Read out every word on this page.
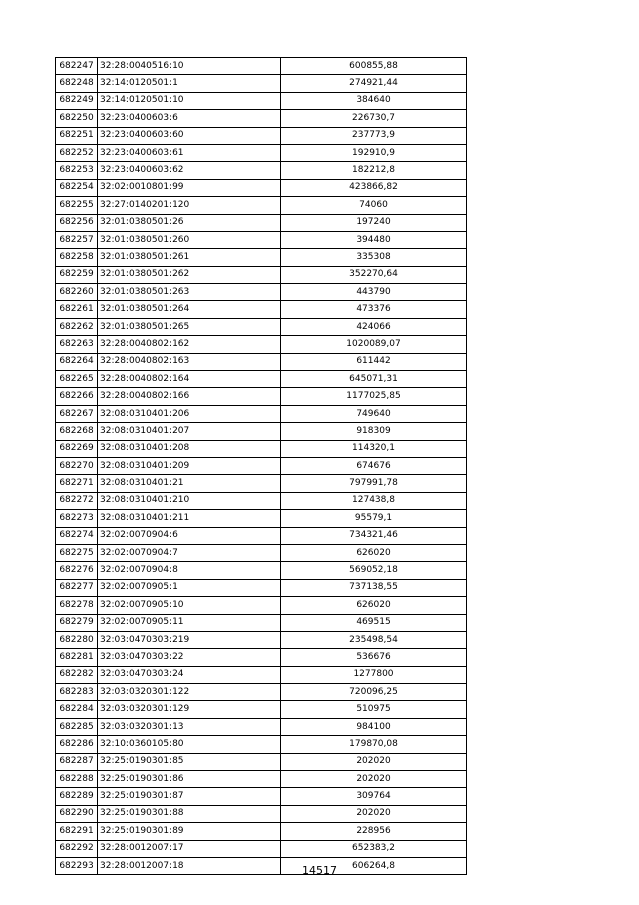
682247	32:28:0040516:10	600855,88
682248	32:14:0120501:1	274921,44
682249	32:14:0120501:10	384640
682250	32:23:0400603:6	226730,7
682251	32:23:0400603:60	237773,9
682252	32:23:0400603:61	192910,9
682253	32:23:0400603:62	182212,8
682254	32:02:0010801:99	423866,82
682255	32:27:0140201:120	74060
682256	32:01:0380501:26	197240
682257	32:01:0380501:260	394480
682258	32:01:0380501:261	335308
682259	32:01:0380501:262	352270,64
682260	32:01:0380501:263	443790
682261	32:01:0380501:264	473376
682262	32:01:0380501:265	424066
682263	32:28:0040802:162	1020089,07
682264	32:28:0040802:163	611442
682265	32:28:0040802:164	645071,31
682266	32:28:0040802:166	1177025,85
682267	32:08:0310401:206	749640
682268	32:08:0310401:207	918309
682269	32:08:0310401:208	114320,1
682270	32:08:0310401:209	674676
682271	32:08:0310401:21	797991,78
682272	32:08:0310401:210	127438,8
682273	32:08:0310401:211	95579,1
682274	32:02:0070904:6	734321,46
682275	32:02:0070904:7	626020
682276	32:02:0070904:8	569052,18
682277	32:02:0070905:1	737138,55
682278	32:02:0070905:10	626020
682279	32:02:0070905:11	469515
682280	32:03:0470303:219	235498,54
682281	32:03:0470303:22	536676
682282	32:03:0470303:24	1277800
682283	32:03:0320301:122	720096,25
682284	32:03:0320301:129	510975
682285	32:03:0320301:13	984100
682286	32:10:0360105:80	179870,08
682287	32:25:0190301:85	202020
682288	32:25:0190301:86	202020
682289	32:25:0190301:87	309764
682290	32:25:0190301:88	202020
682291	32:25:0190301:89	228956
682292	32:28:0012007:17	652383,2
682293	32:28:0012007:18	606264,8
14517
